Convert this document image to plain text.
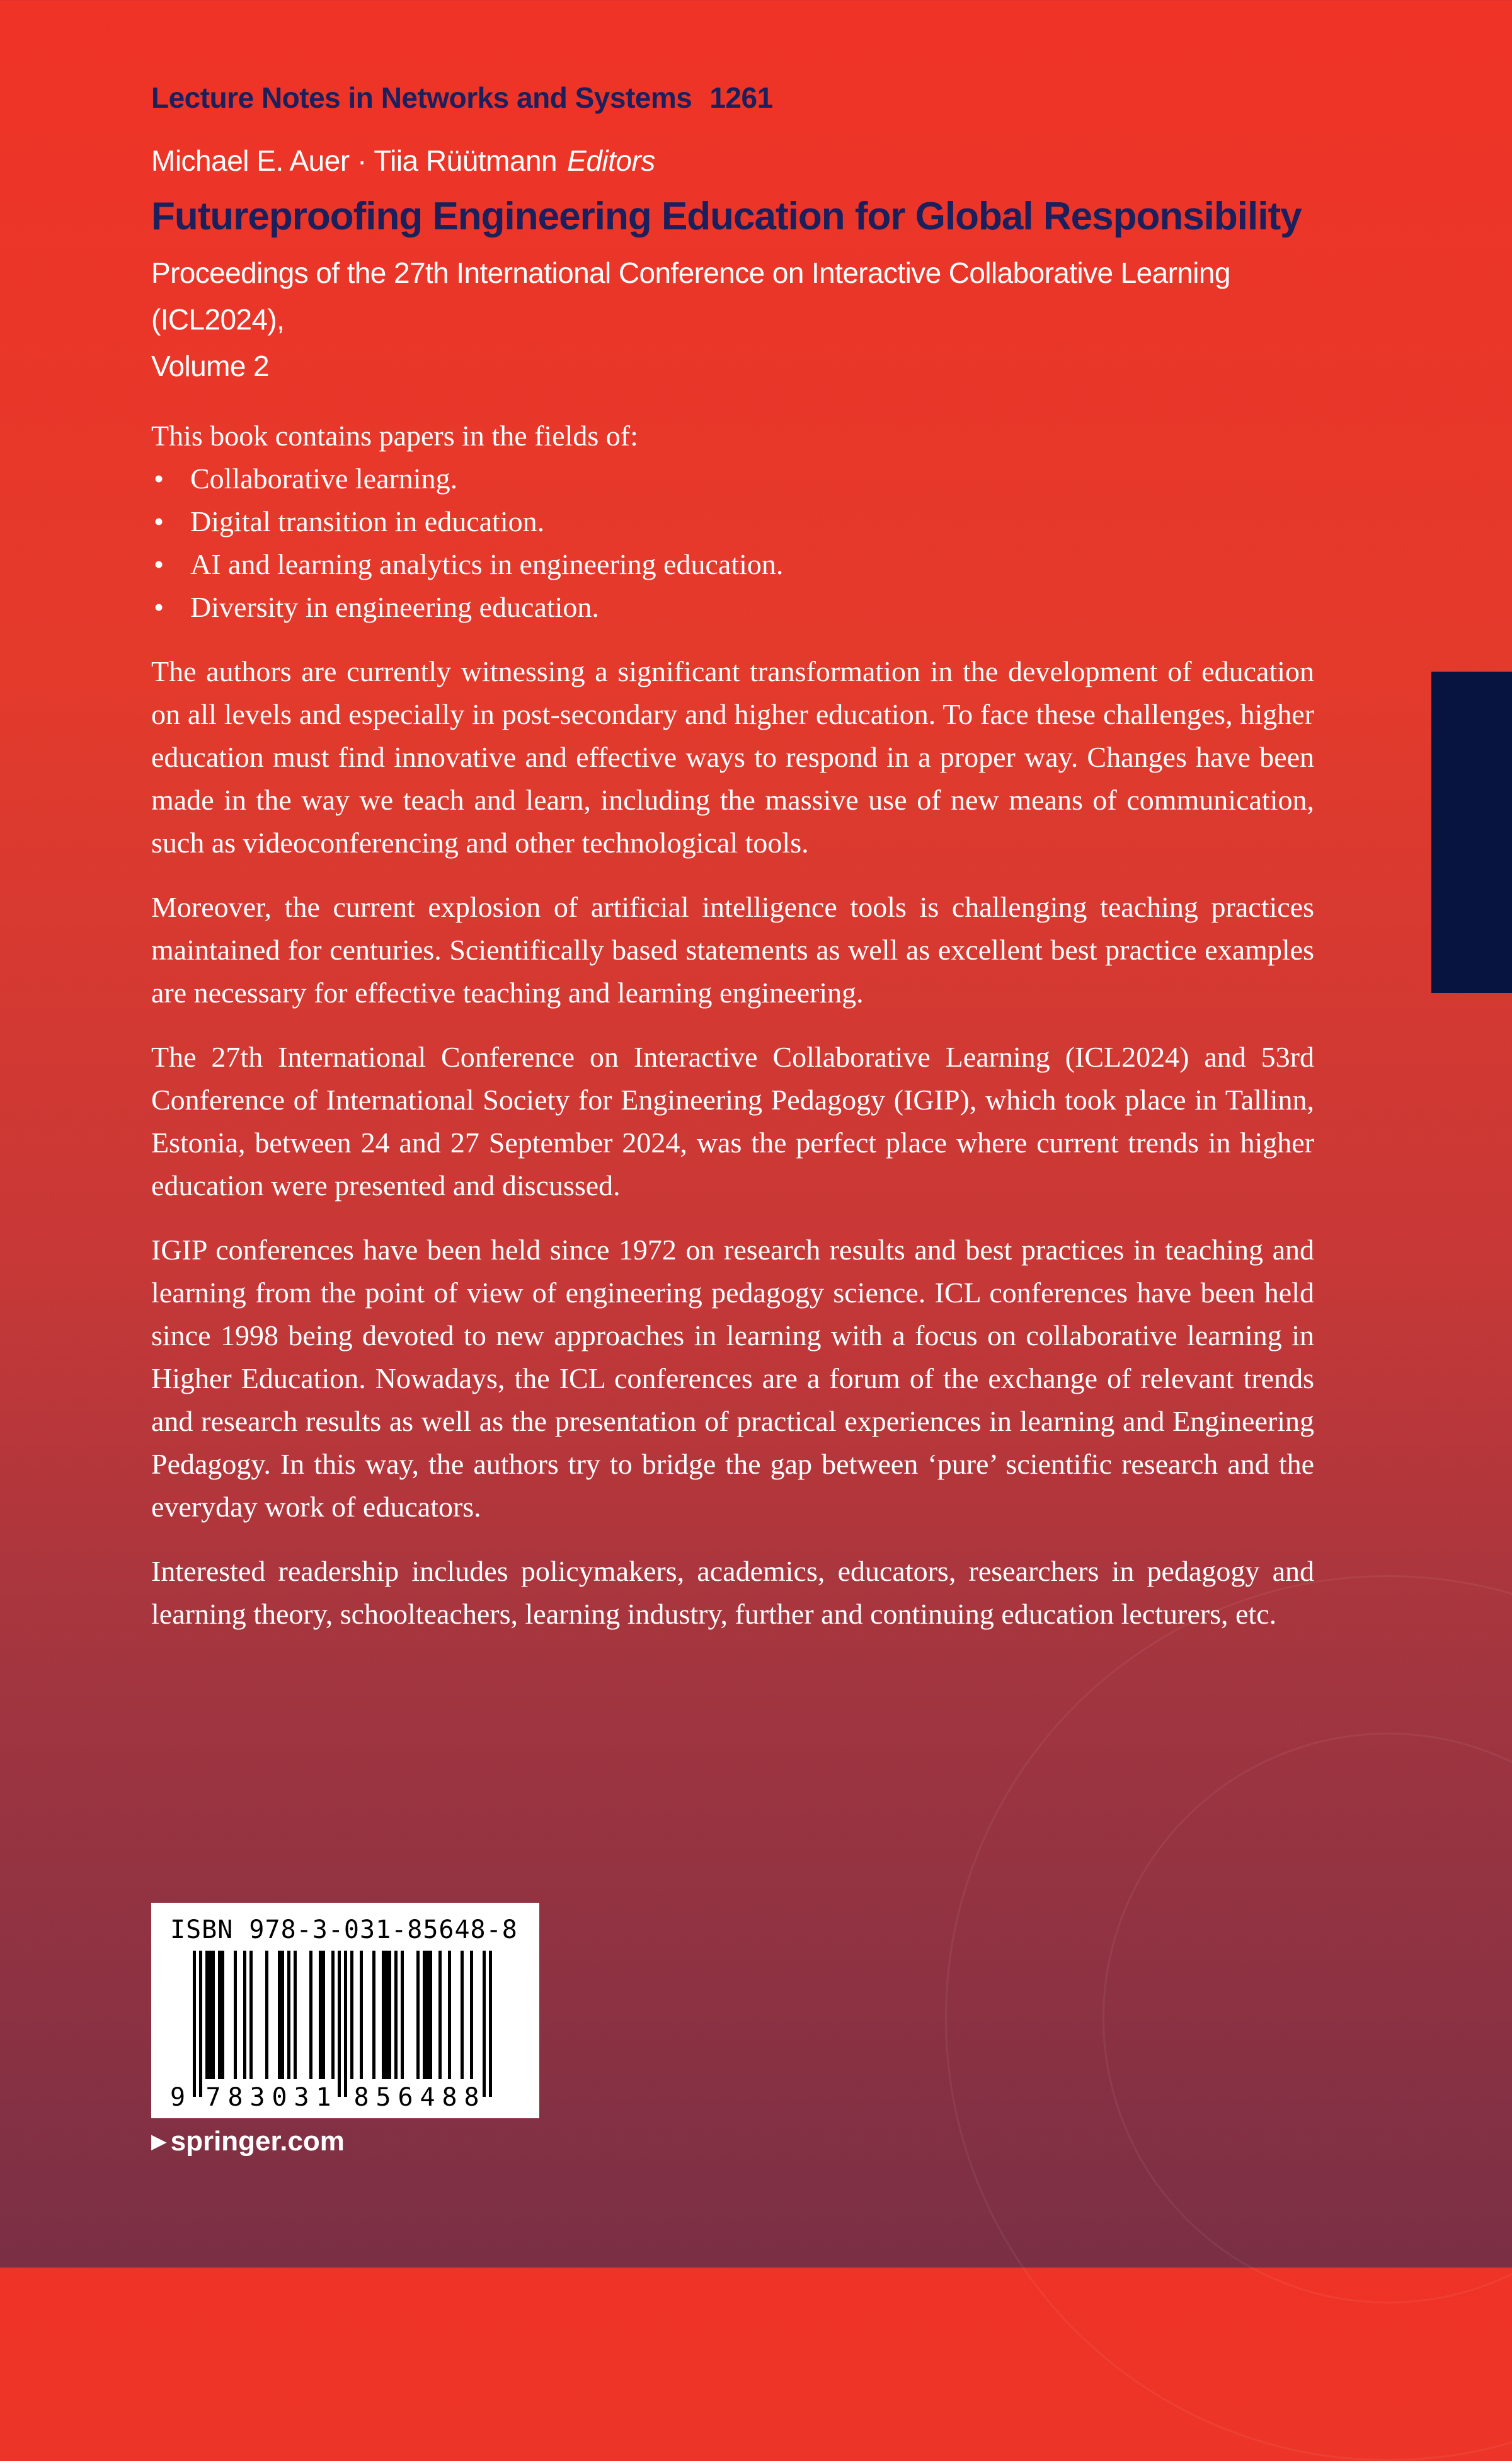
Lecture Notes in Networks and Systems 1261
Michael E. Auer · Tiia Rüütmann Editors
Futureproofing Engineering Education for Global Responsibility
Proceedings of the 27th International Conference on Interactive Collaborative Learning (ICL2024),
Volume 2

This book contains papers in the fields of:

• Collaborative learning.
• Digital transition in education.
• AI and learning analytics in engineering education.
• Diversity in engineering education.

The authors are currently witnessing a significant transformation in the development of education on all levels and especially in post-secondary and higher education. To face these challenges, higher education must find innovative and effective ways to respond in a proper way. Changes have been made in the way we teach and learn, including the massive use of new means of communication, such as videoconferencing and other technological tools.

Moreover, the current explosion of artificial intelligence tools is challenging teaching practices maintained for centuries. Scientifically based statements as well as excellent best practice examples are necessary for effective teaching and learning engineering.

The 27th International Conference on Interactive Collaborative Learning (ICL2024) and 53rd Conference of International Society for Engineering Pedagogy (IGIP), which took place in Tallinn, Estonia, between 24 and 27 September 2024, was the perfect place where current trends in higher education were presented and discussed.

IGIP conferences have been held since 1972 on research results and best practices in teaching and learning from the point of view of engineering pedagogy science. ICL conferences have been held since 1998 being devoted to new approaches in learning with a focus on collaborative learning in Higher Education. Nowadays, the ICL conferences are a forum of the exchange of relevant trends and research results as well as the presentation of practical experiences in learning and Engineering Pedagogy. In this way, the authors try to bridge the gap between ‘pure’ scientific research and the everyday work of educators.

Interested readership includes policymakers, academics, educators, researchers in pedagogy and learning theory, schoolteachers, learning industry, further and continuing education lecturers, etc.

ISBN 978-3-031-85648-8
9 7 8 3 0 3 1 8 5 6 4 8 8
▶ springer.com
